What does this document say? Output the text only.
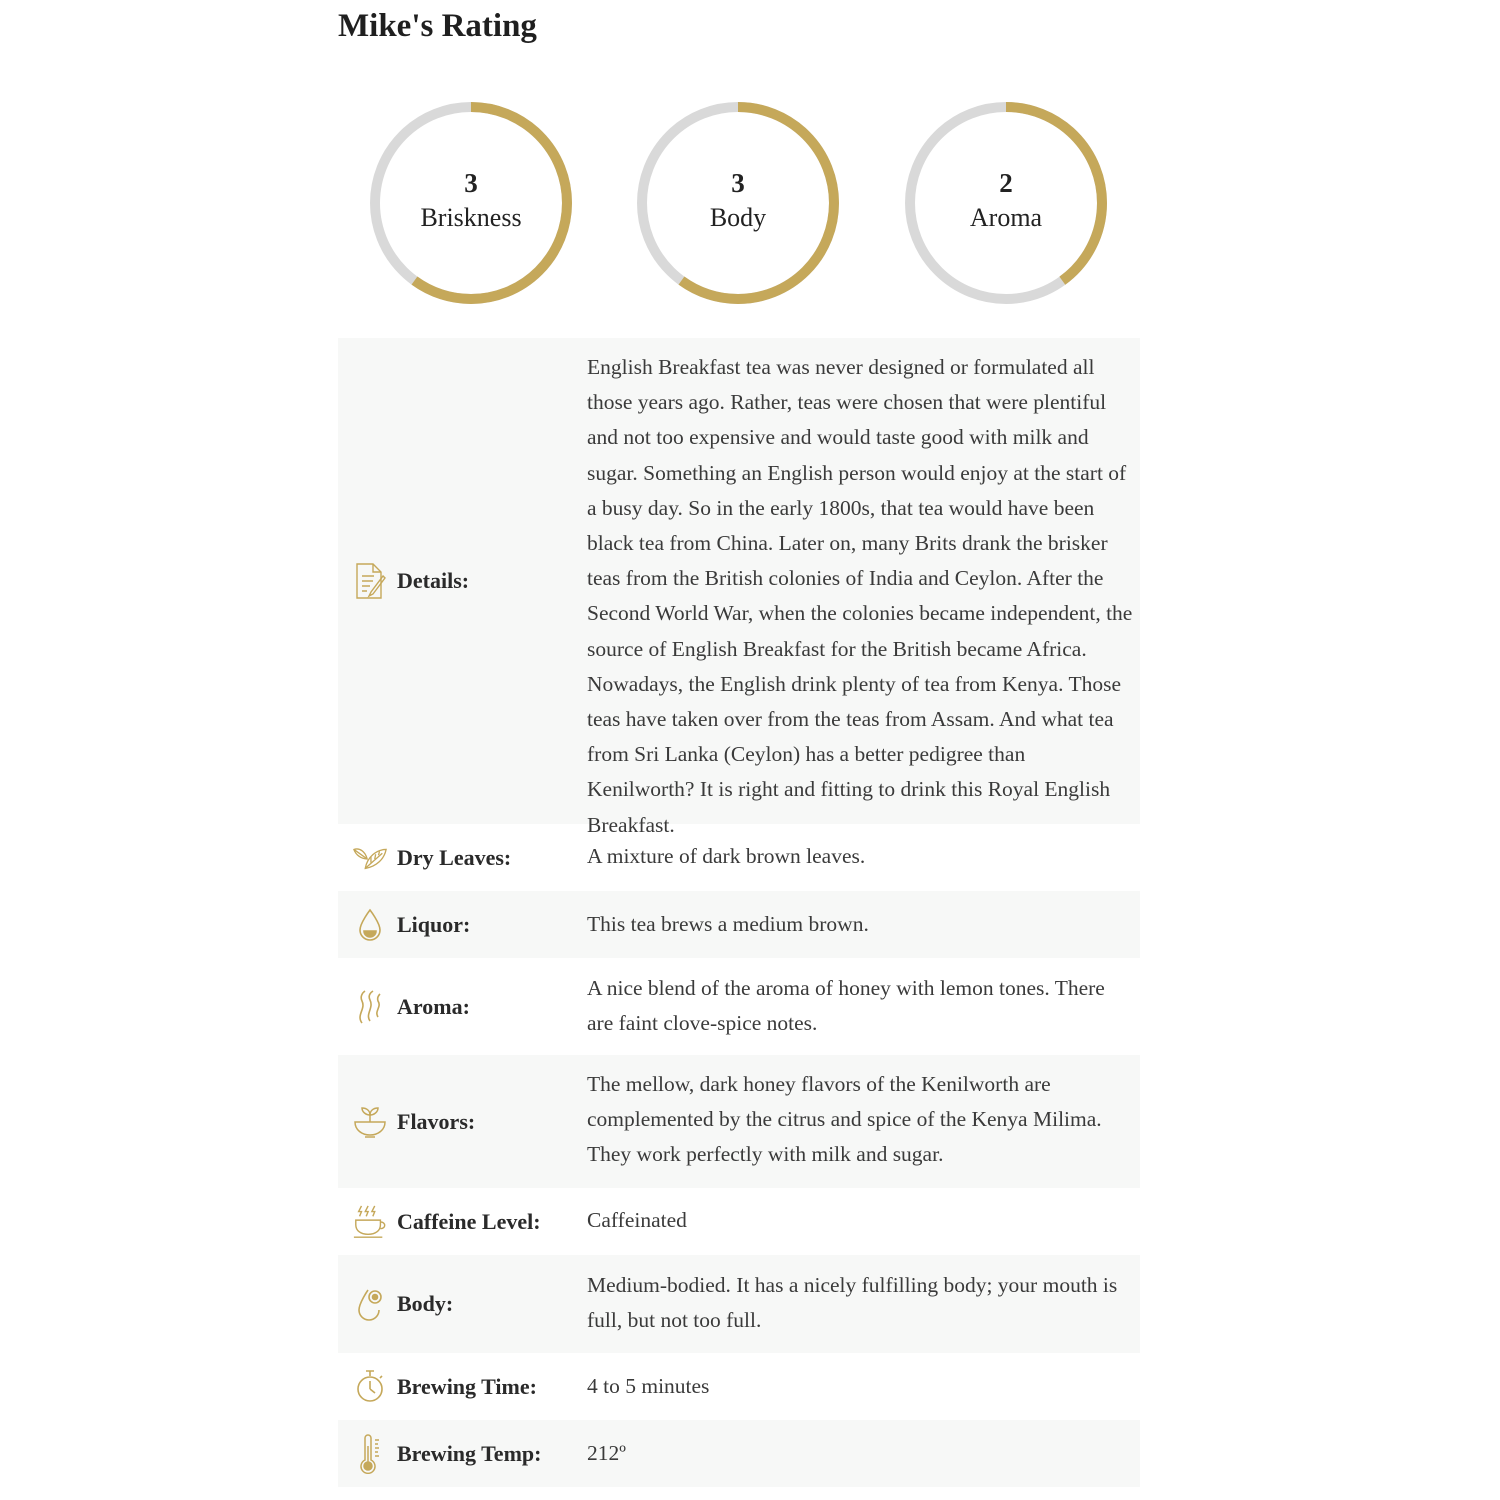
Mike's Rating
3
Briskness
3
Body
2
Aroma
Details:
English Breakfast tea was never designed or formulated all those years ago. Rather, teas were chosen that were plentiful and not too expensive and would taste good with milk and sugar. Something an English person would enjoy at the start of a busy day. So in the early 1800s, that tea would have been black tea from China. Later on, many Brits drank the brisker teas from the British colonies of India and Ceylon. After the Second World War, when the colonies became independent, the source of English Breakfast for the British became Africa. Nowadays, the English drink plenty of tea from Kenya. Those teas have taken over from the teas from Assam. And what tea from Sri Lanka (Ceylon) has a better pedigree than Kenilworth? It is right and fitting to drink this Royal English Breakfast.
Dry Leaves:	A mixture of dark brown leaves.
Liquor:	This tea brews a medium brown.
Aroma:
A nice blend of the aroma of honey with lemon tones. There are faint clove-spice notes.
Flavors:
The mellow, dark honey flavors of the Kenilworth are complemented by the citrus and spice of the Kenya Milima. They work perfectly with milk and sugar.
Caffeine Level: Caffeinated
Body:
Medium-bodied. It has a nicely fulfilling body; your mouth is full, but not too full.
Brewing Time: 4 to 5 minutes
Brewing Temp: 212º
